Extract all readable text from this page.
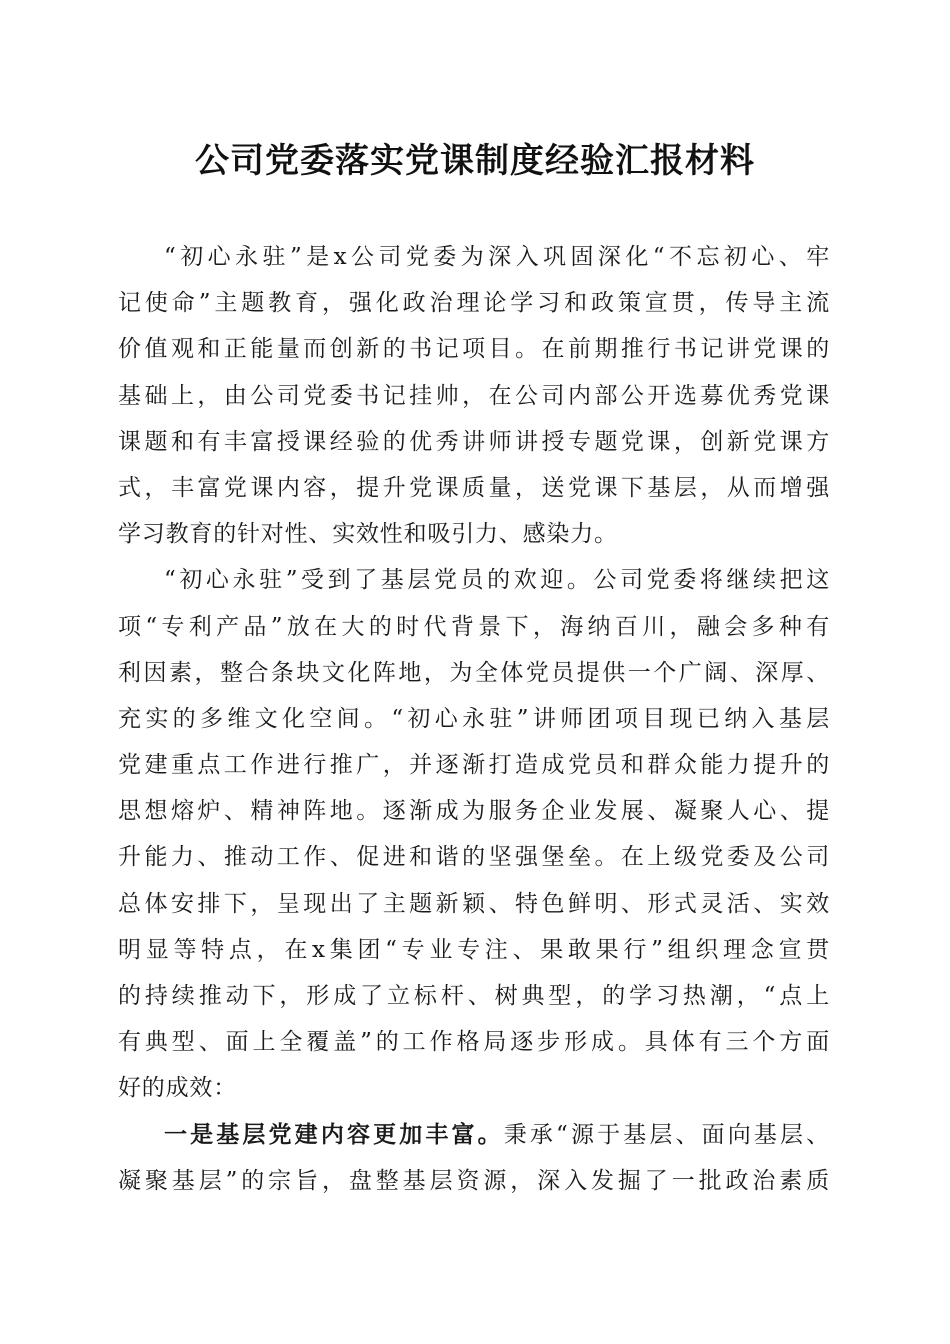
公司党委落实党课制度经验汇报材料
“初心永驻”是x公司党委为深入巩固深化“不忘初心、牢
记使命”主题教育，强化政治理论学习和政策宣贯，传导主流
价值观和正能量而创新的书记项目。在前期推行书记讲党课的
基础上，由公司党委书记挂帅，在公司内部公开选募优秀党课
课题和有丰富授课经验的优秀讲师讲授专题党课，创新党课方
式，丰富党课内容，提升党课质量，送党课下基层，从而增强
学习教育的针对性、实效性和吸引力、感染力。
“初心永驻”受到了基层党员的欢迎。公司党委将继续把这
项“专利产品”放在大的时代背景下，海纳百川，融会多种有
利因素，整合条块文化阵地，为全体党员提供一个广阔、深厚、
充实的多维文化空间。“初心永驻”讲师团项目现已纳入基层
党建重点工作进行推广，并逐渐打造成党员和群众能力提升的
思想熔炉、精神阵地。逐渐成为服务企业发展、凝聚人心、提
升能力、推动工作、促进和谐的坚强堡垒。在上级党委及公司
总体安排下，呈现出了主题新颖、特色鲜明、形式灵活、实效
明显等特点，在x集团“专业专注、果敢果行”组织理念宣贯
的持续推动下，形成了立标杆、树典型，的学习热潮，“点上
有典型、面上全覆盖”的工作格局逐步形成。具体有三个方面
好的成效：
一是基层党建内容更加丰富。秉承“源于基层、面向基层、
凝聚基层”的宗旨，盘整基层资源，深入发掘了一批政治素质
